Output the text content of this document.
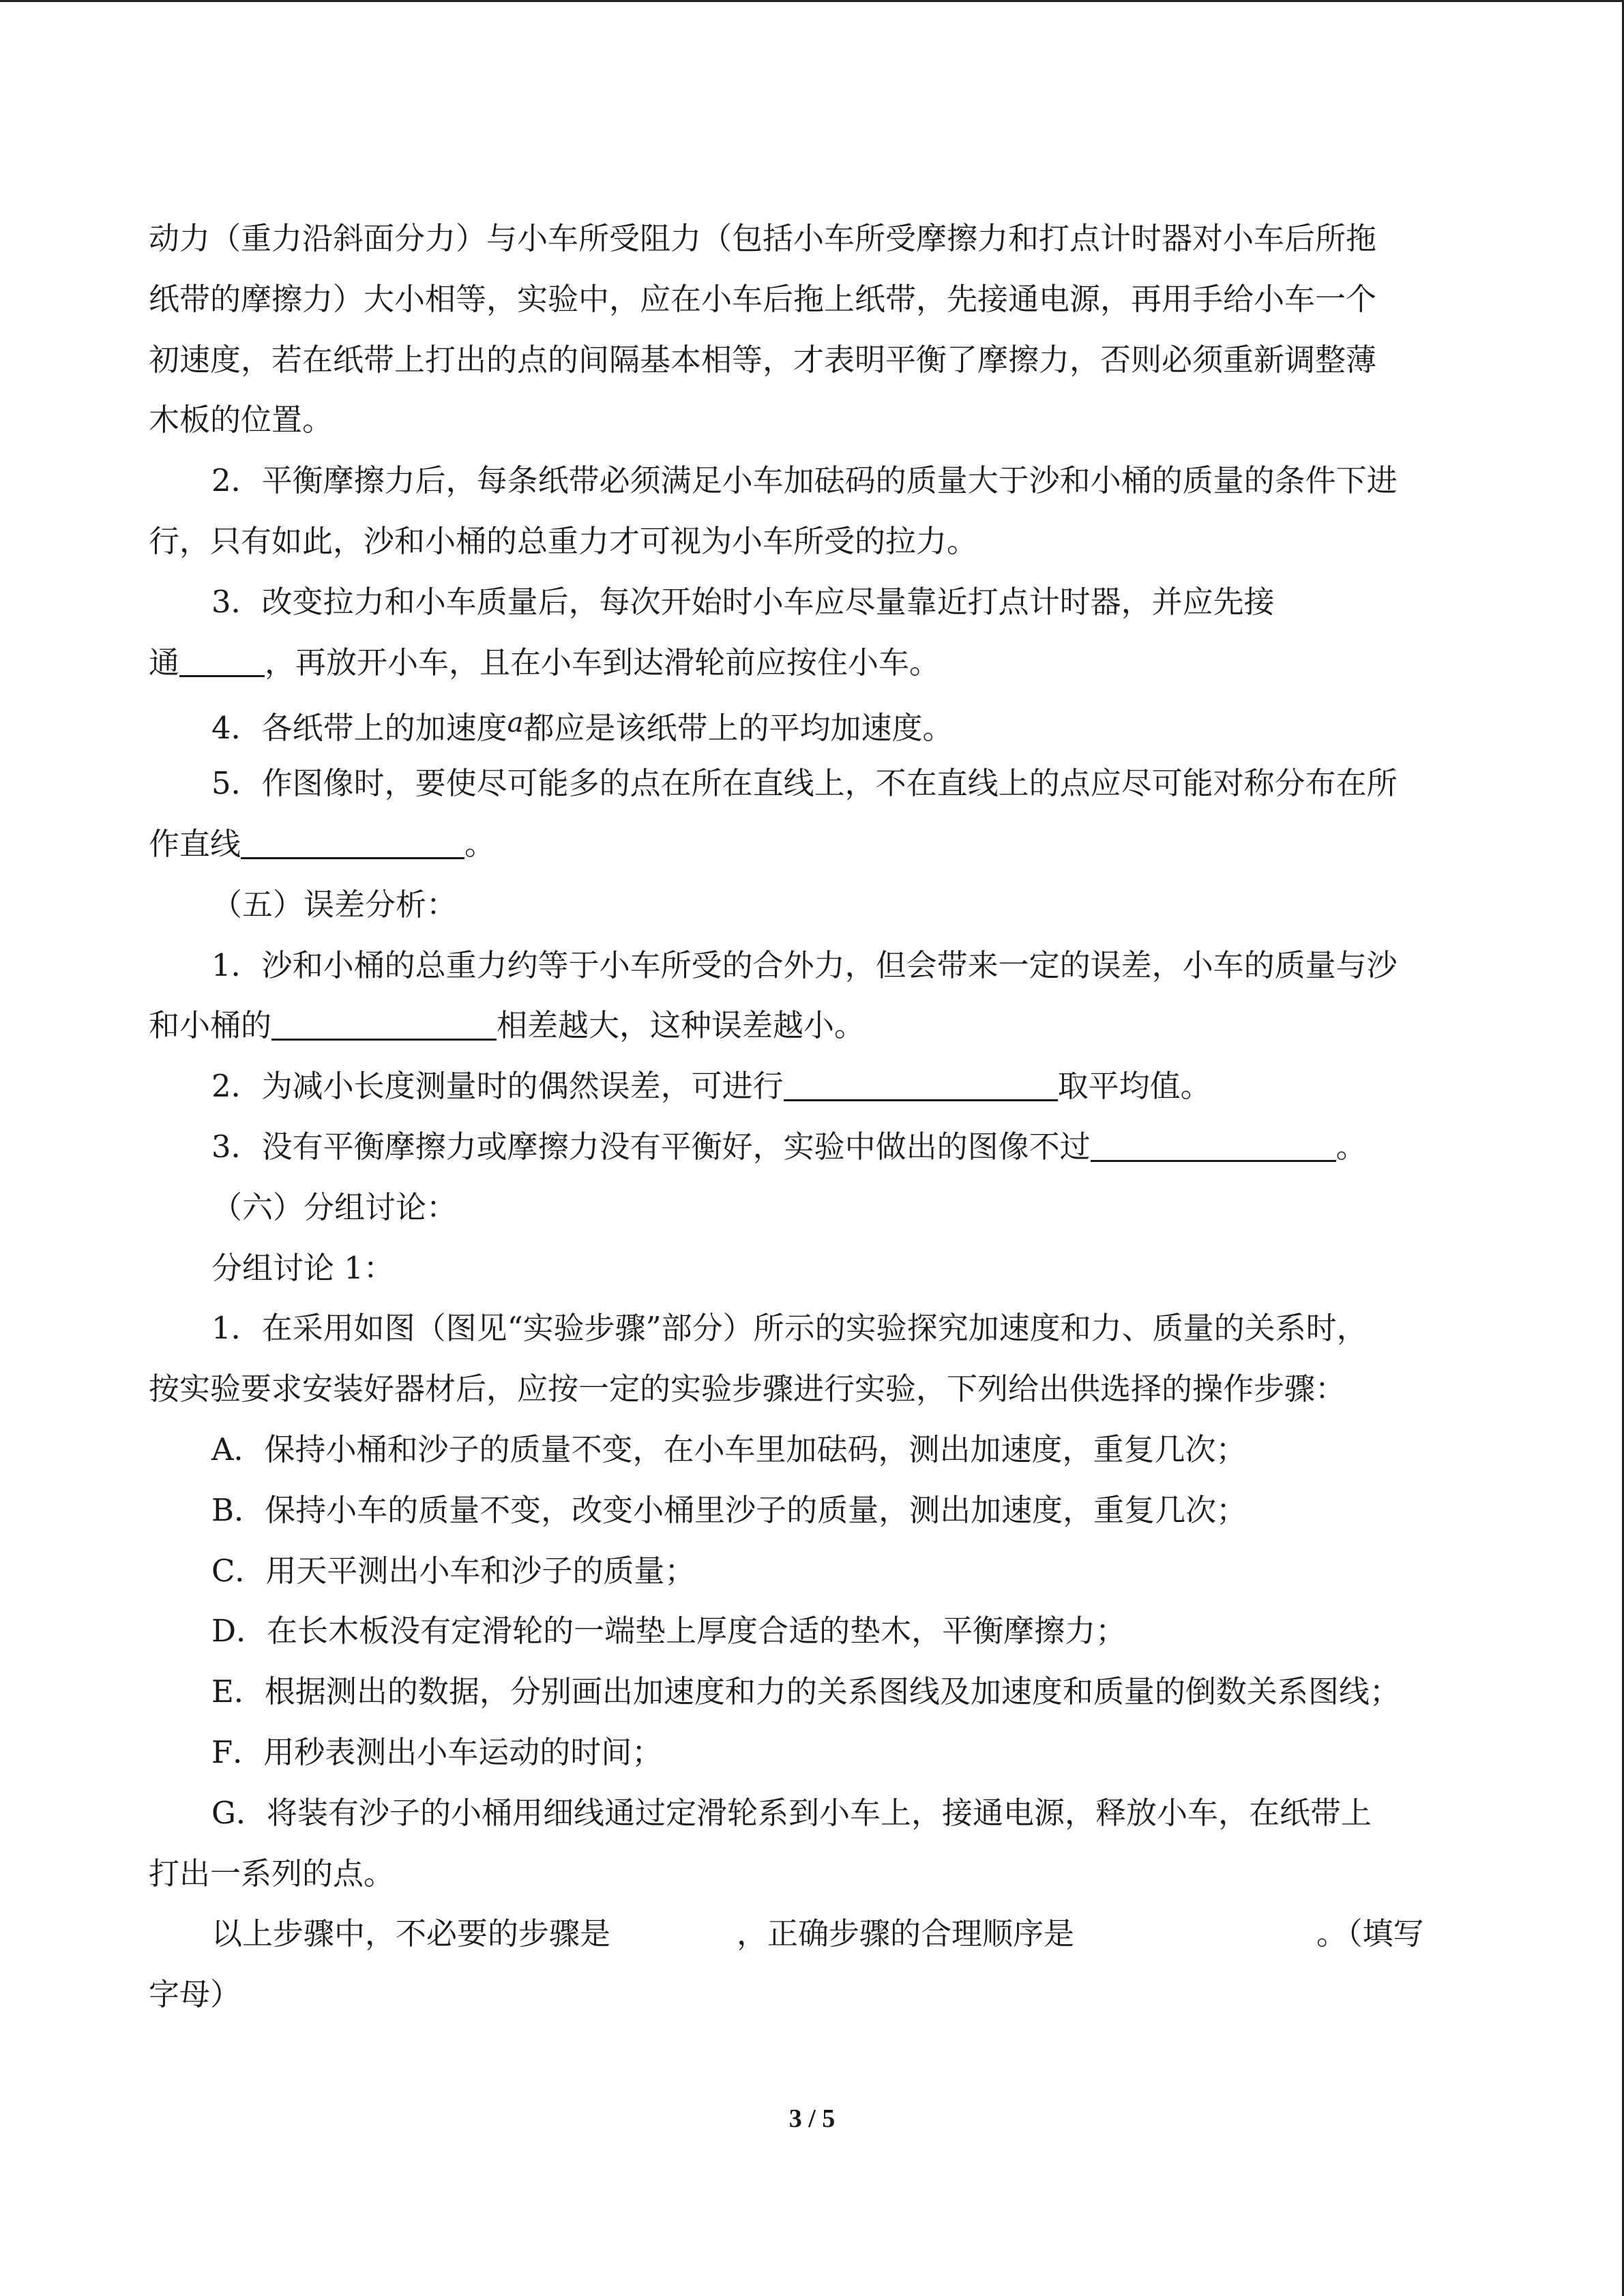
动力（重力沿斜面分力）与小车所受阻力（包括小车所受摩擦力和打点计时器对小车后所拖
纸带的摩擦力）大小相等，实验中，应在小车后拖上纸带，先接通电源，再用手给小车一个
初速度，若在纸带上打出的点的间隔基本相等，才表明平衡了摩擦力，否则必须重新调整薄
木板的位置。
2．平衡摩擦力后，每条纸带必须满足小车加砝码的质量大于沙和小桶的质量的条件下进
行，只有如此，沙和小桶的总重力才可视为小车所受的拉力。
3．改变拉力和小车质量后，每次开始时小车应尽量靠近打点计时器，并应先接
通	，再放开小车，且在小车到达滑轮前应按住小车。
4．各纸带上的加速度a都应是该纸带上的平均加速度。
5．作图像时，要使尽可能多的点在所在直线上，不在直线上的点应尽可能对称分布在所
作直线	。
（五）误差分析：
1．沙和小桶的总重力约等于小车所受的合外力，但会带来一定的误差，小车的质量与沙
和小桶的	相差越大，这种误差越小。
2．为减小长度测量时的偶然误差，可进行	取平均值。
3．没有平衡摩擦力或摩擦力没有平衡好，实验中做出的图像不过	。
（六）分组讨论：
分组讨论 1：
1．在采用如图（图见“实验步骤”部分）所示的实验探究加速度和力、质量的关系时，
按实验要求安装好器材后，应按一定的实验步骤进行实验，下列给出供选择的操作步骤：
A．保持小桶和沙子的质量不变，在小车里加砝码，测出加速度，重复几次；
B．保持小车的质量不变，改变小桶里沙子的质量，测出加速度，重复几次；
C．用天平测出小车和沙子的质量；
D．在长木板没有定滑轮的一端垫上厚度合适的垫木，平衡摩擦力；
E．根据测出的数据，分别画出加速度和力的关系图线及加速度和质量的倒数关系图线；
F．用秒表测出小车运动的时间；
G．将装有沙子的小桶用细线通过定滑轮系到小车上，接通电源，释放小车，在纸带上
打出一系列的点。
以上步骤中，不必要的步骤是	，正确步骤的合理顺序是	。（填写
字母）
3 / 5
